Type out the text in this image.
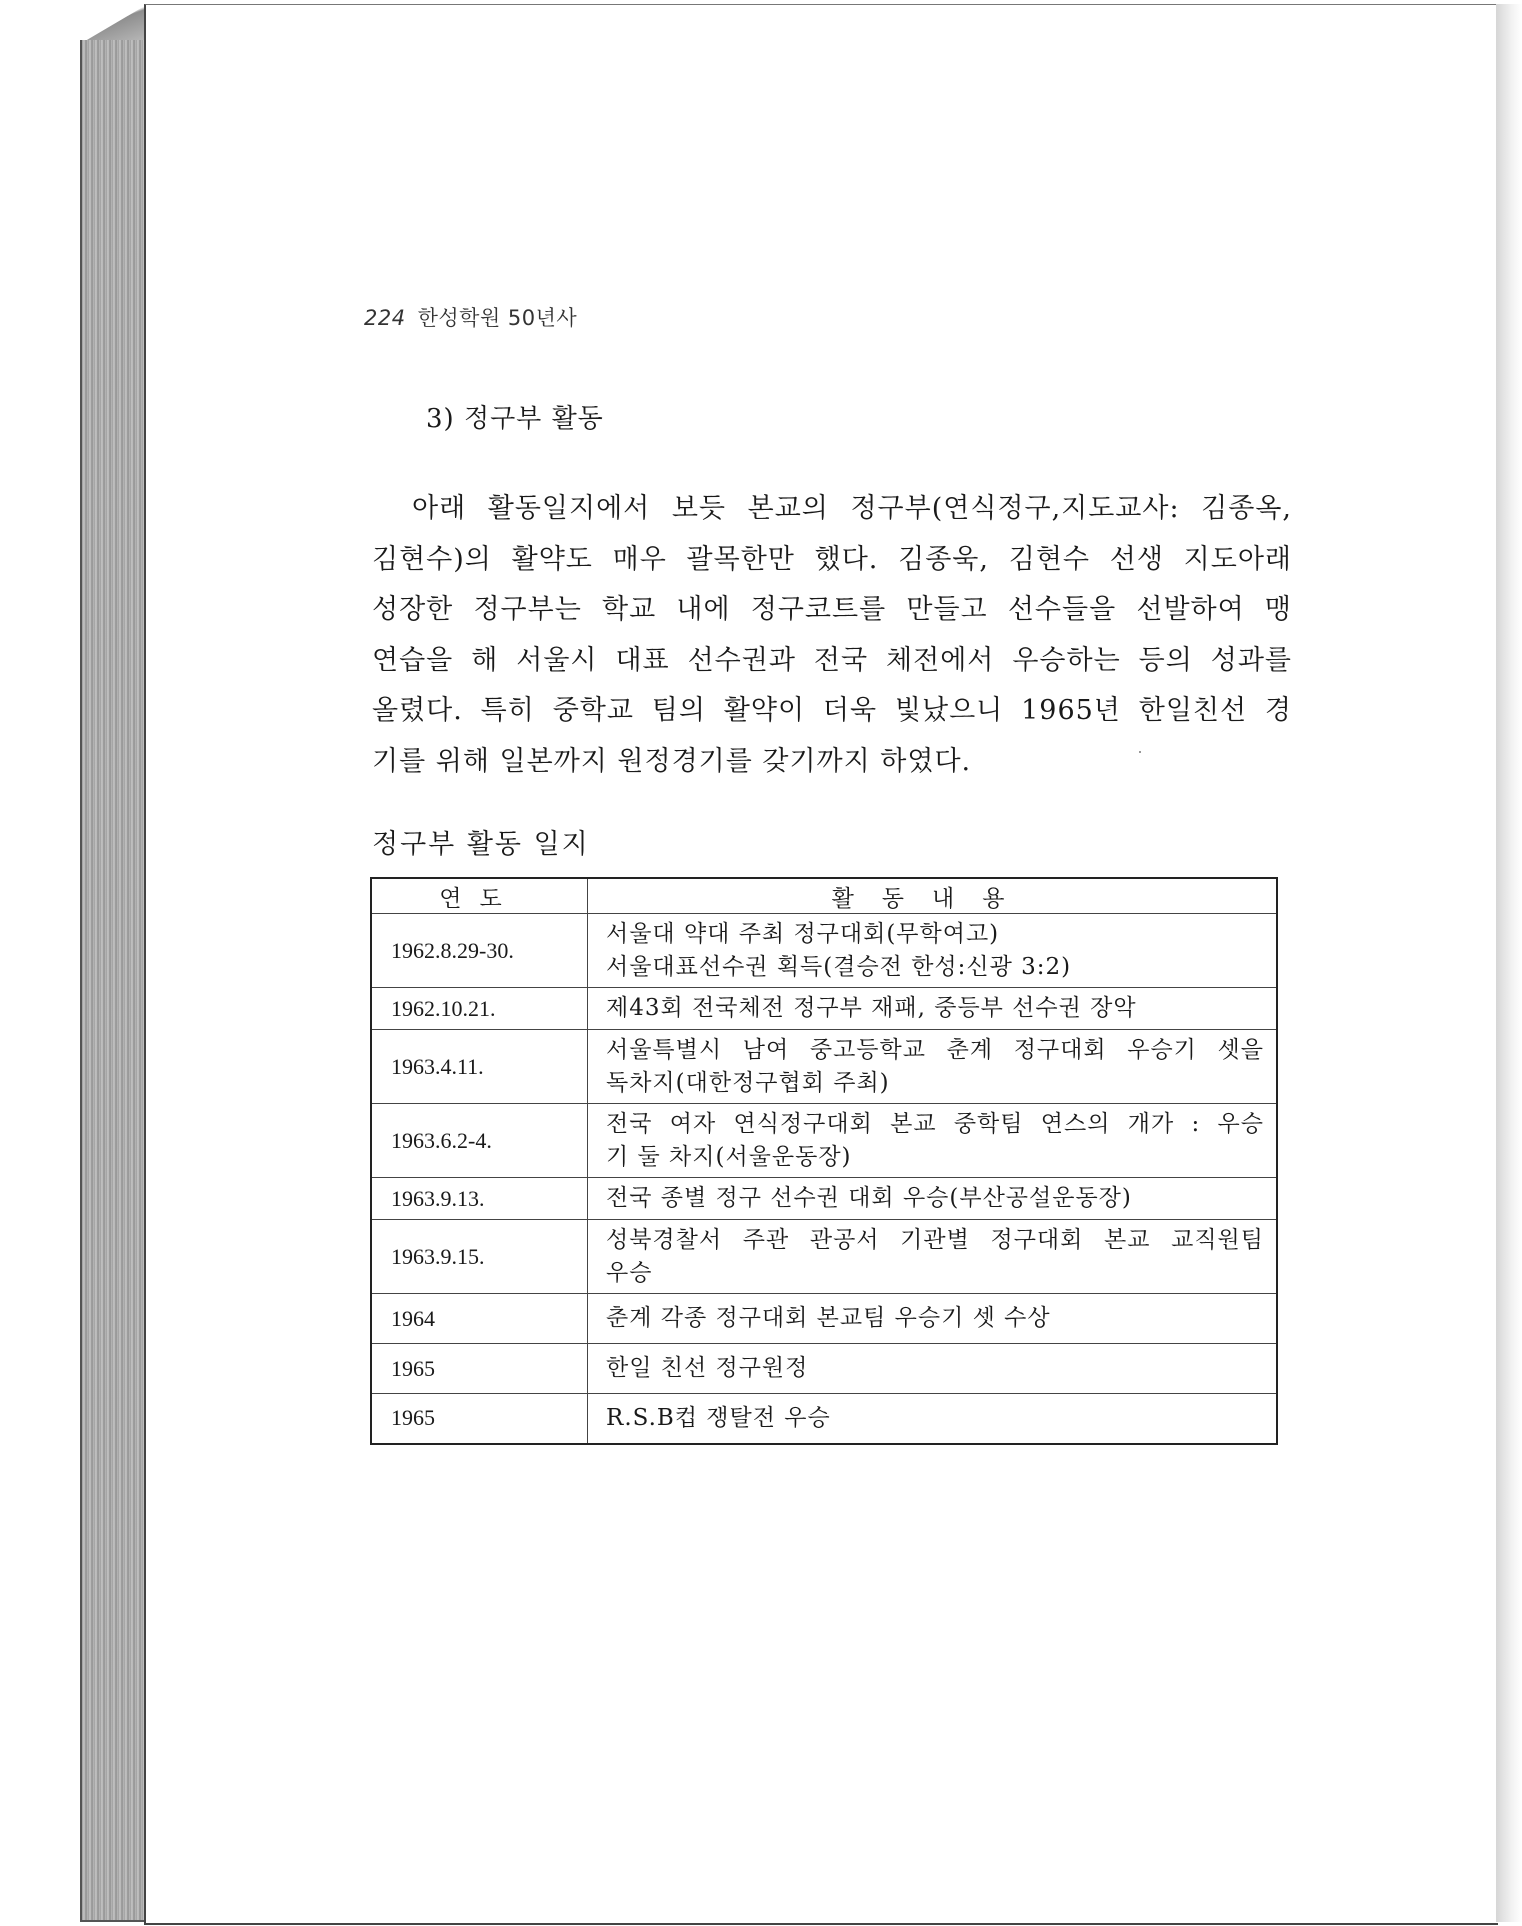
224 한성학원 50년사
3) 정구부 활동

아래 활동일지에서 보듯 본교의 정구부(연식정구,지도교사: 김종옥,
김현수)의 활약도 매우 괄목한만 했다. 김종욱, 김현수 선생 지도아래
성장한 정구부는 학교 내에 정구코트를 만들고 선수들을 선발하여 맹
연습을 해 서울시 대표 선수권과 전국 체전에서 우승하는 등의 성과를
올렸다. 특히 중학교 팀의 활약이 더욱 빛났으니 1965년 한일친선 경
기를 위해 일본까지 원정경기를 갖기까지 하였다.

정구부 활동 일지
연도	활동내용
1962.8.29-30.	서울대 약대 주최 정구대회(무학여고)
서울대표선수권 획득(결승전 한성:신광 3:2)

1962.10.21.	제43회 전국체전 정구부 재패, 중등부 선수권 장악

1963.4.11.	서울특별시 남여 중고등학교 춘계 정구대회 우승기 셋을
독차지(대한정구협회 주최)

1963.6.2-4.	전국 여자 연식정구대회 본교 중학팀 연스의 개가 : 우승
기 둘 차지(서울운동장)

1963.9.13.	전국 종별 정구 선수권 대회 우승(부산공설운동장)

1963.9.15.	성북경찰서 주관 관공서 기관별 정구대회 본교 교직원팀
우승

1964	춘계 각종 정구대회 본교팀 우승기 셋 수상

1965	한일 친선 정구원정

1965	R.S.B컵 쟁탈전 우승
